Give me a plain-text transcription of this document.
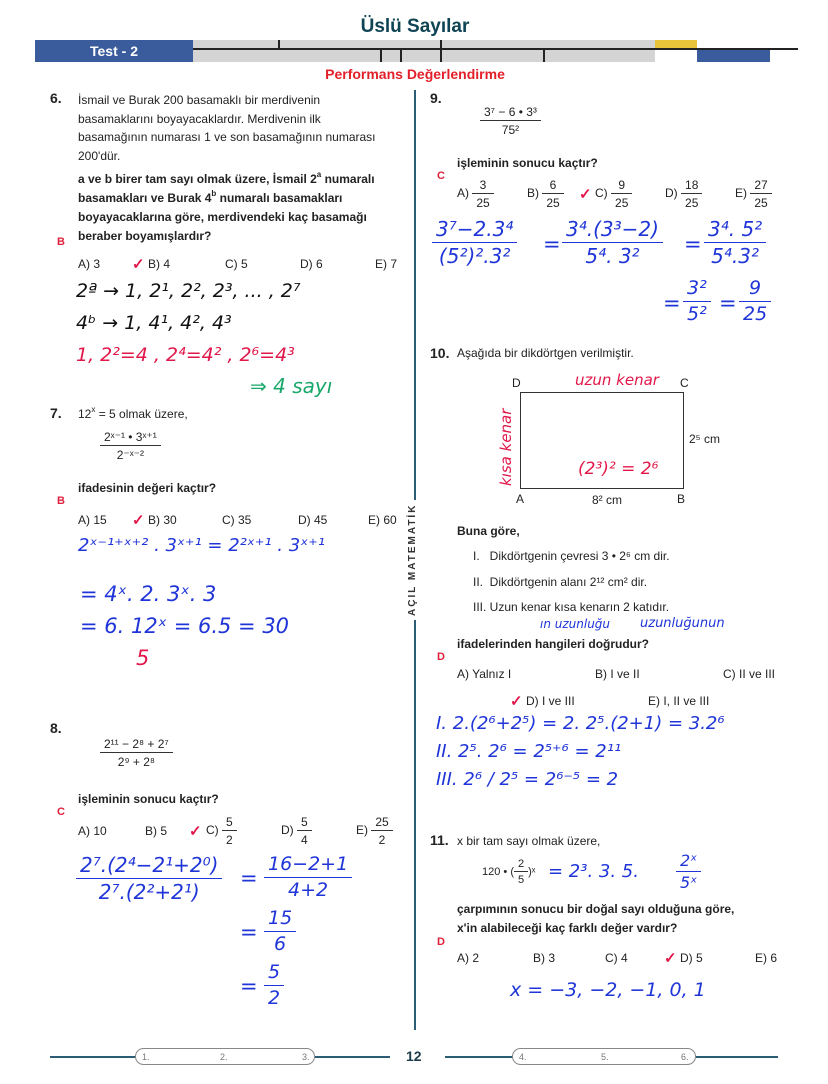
Üslü Sayılar
Test - 2
Performans Değerlendirme
AÇIL MATEMATİK
6. İsmail ve Burak 200 basamaklı bir merdivenin
basamaklarını boyayacaklardır. Merdivenin ilk
basamağının numarası 1 ve son basamağının numarası
200'dür.
a ve b birer tam sayı olmak üzere, İsmail 2$^a$ numaralı
basamakları ve Burak 4$^b$ numaralı basamakları
boyayacaklarına göre, merdivendeki kaç basamağı
beraber boyamışlardır?
B
A) 3	B) 4	C) 5	D) 6	E) 7
✓
2ª → 1, 2¹, 2², 2³, ... , 2⁷
4ᵇ → 1, 4¹, 4², 4³
1, 2²=4 , 2⁴=4² , 2⁶=4³
⇒ 4 sayı
7. $12^x = 5$ olmak üzere,
2ˣ⁻¹ • 3ˣ⁺¹
2⁻ˣ⁻²
ifadesinin değeri kaçtır?
B
A) 15	B) 30	C) 35	D) 45	E) 60
✓
2ˣ⁻¹⁺ˣ⁺² . 3ˣ⁺¹ = 2²ˣ⁺¹ . 3ˣ⁺¹
= 4ˣ. 2. 3ˣ. 3
= 6. 12ˣ = 6.5 = 30
5
8.
2¹¹ − 2⁸ + 2⁷
2⁹ + 2⁸
işleminin sonucu kaçtır?
C
A) 10	B) 5	$C) \frac{5}{2}$	$D) \frac{5}{4}$	$E) \frac{25}{2}$
✓
2⁷.(2⁴−2¹+2⁰)
2⁷.(2²+2¹)
=
16−2+1
4+2
=
15
6
=
5
2
9.
3⁷ − 6 • 3³
75²
işleminin sonucu kaçtır?
C
$A) \frac{3}{25}$	$B) \frac{6}{25}$	$C) \frac{9}{25}$	$D) \frac{18}{25}$	$E) \frac{27}{25}$
✓
3⁷−2.3⁴
(5²)².3²	=
3⁴.(3³−2)
5⁴. 3²	=
3⁴. 5²
5⁴.3²
=
3²
5² =
9
25
10. Aşağıda bir dikdörtgen verilmiştir.
D	C
A	B
2⁵ cm
8² cm
uzun kenar
kısa kenar	(2³)² = 2⁶
Buna göre,
I.   Dikdörtgenin çevresi 3 • 2⁶ cm dir.
II.  Dikdörtgenin alanı 2¹² cm² dir.
III. Uzun kenar kısa kenarın 2 katıdır.
ın uzunluğu uzunluğunun
ifadelerinden hangileri doğrudur?
D
A) Yalnız I	B) I ve II	C) II ve III
D) I ve III	E) I, II ve III
✓
I. 2.(2⁶+2⁵) = 2. 2⁵.(2+1) = 3.2⁶
II. 2⁵. 2⁶ = 2⁵⁺⁶ = 2¹¹
III. 2⁶ / 2⁵ = 2⁶⁻⁵ = 2
11. x bir tam sayı olmak üzere,
120 • ( $\frac{2}{5}$ )ˣ = 2³. 3. 5.
2ˣ
5ˣ
çarpımının sonucu bir doğal sayı olduğuna göre,
x'in alabileceği kaç farklı değer vardır?
D
A) 2	B) 3	C) 4	D) 5	E) 6
✓
x = −3, −2, −1, 0, 1
1.	2.	3.	12	4.	5.	6.
